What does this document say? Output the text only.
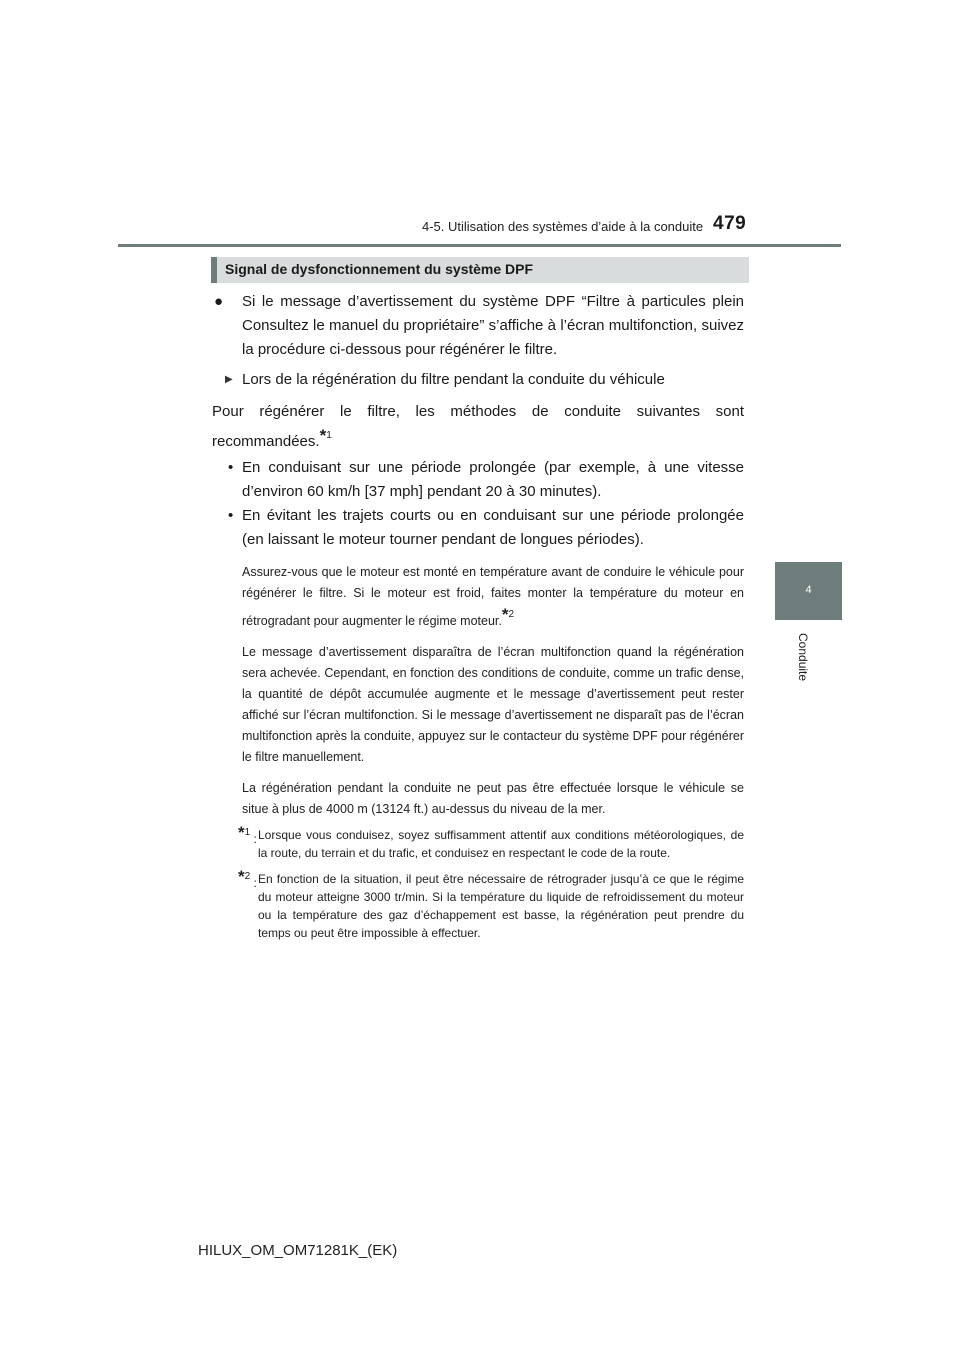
4-5. Utilisation des systèmes d’aide à la conduite 479
4
Conduite
Signal de dysfonctionnement du système DPF
● Si le message d’avertissement du système DPF “Filtre à particules plein Consultez le manuel du propriétaire” s’affiche à l’écran multifonction, suivez la procédure ci-dessous pour régénérer le filtre.
▶ Lors de la régénération du filtre pendant la conduite du véhicule
Pour régénérer le filtre, les méthodes de conduite suivantes sont recommandées.*$^1$
• En conduisant sur une période prolongée (par exemple, à une vitesse d’environ 60 km/h [37 mph] pendant 20 à 30 minutes).
• En évitant les trajets courts ou en conduisant sur une période prolongée (en laissant le moteur tourner pendant de longues périodes).
Assurez-vous que le moteur est monté en température avant de conduire le véhicule pour régénérer le filtre. Si le moteur est froid, faites monter la température du moteur en rétrogradant pour augmenter le régime moteur.*$^2$
Le message d’avertissement disparaîtra de l’écran multifonction quand la régénération sera achevée. Cependant, en fonction des conditions de conduite, comme un trafic dense, la quantité de dépôt accumulée augmente et le message d’avertissement peut rester affiché sur l’écran multifonction. Si le message d’avertissement ne disparaît pas de l’écran multifonction après la conduite, appuyez sur le contacteur du système DPF pour régénérer le filtre manuellement.
La régénération pendant la conduite ne peut pas être effectuée lorsque le véhicule se situe à plus de 4000 m (13124 ft.) au-dessus du niveau de la mer.
*$^1$ : Lorsque vous conduisez, soyez suffisamment attentif aux conditions météorologiques, de la route, du terrain et du trafic, et conduisez en respectant le code de la route.
*$^2$ : En fonction de la situation, il peut être nécessaire de rétrograder jusqu’à ce que le régime du moteur atteigne 3000 tr/min. Si la température du liquide de refroidissement du moteur ou la température des gaz d’échappement est basse, la régénération peut prendre du temps ou peut être impossible à effectuer.
HILUX_OM_OM71281K_(EK)
